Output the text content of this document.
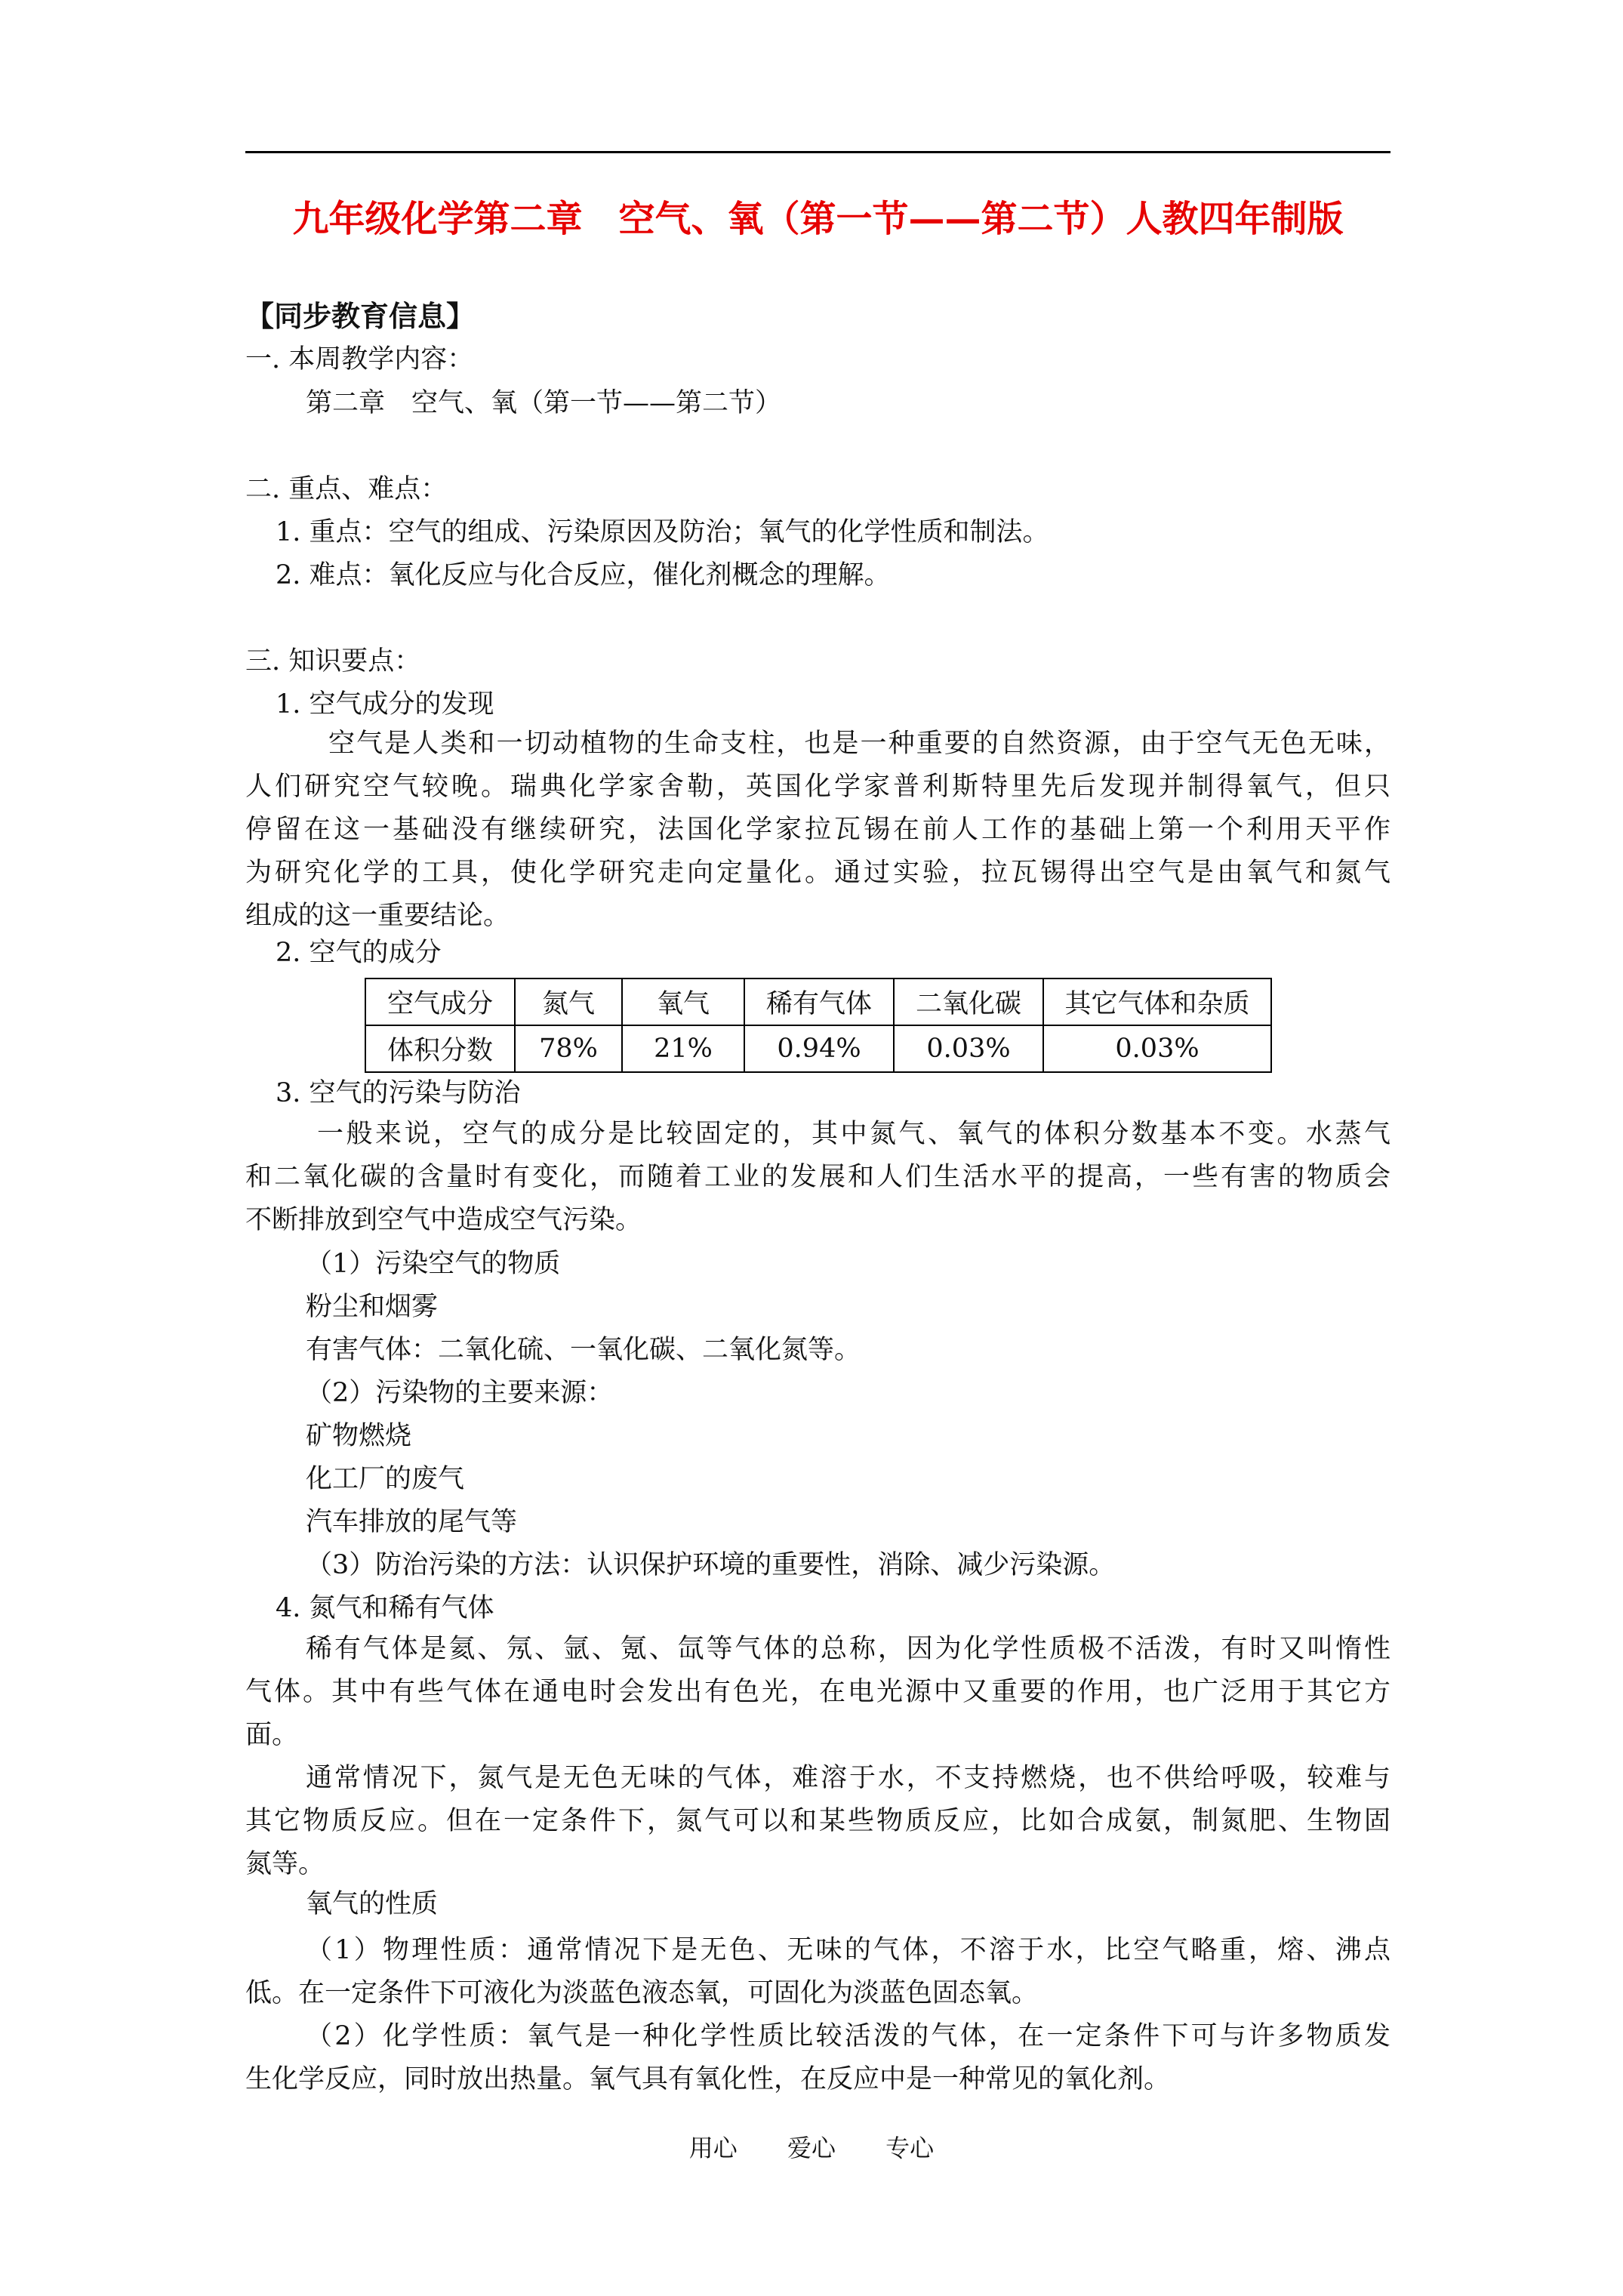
九年级化学第二章　空气、氧（第一节——第二节）人教四年制版
【同步教育信息】
一. 本周教学内容：
第二章　空气、氧（第一节——第二节）
二. 重点、难点：
1. 重点：空气的组成、污染原因及防治；氧气的化学性质和制法。
2. 难点：氧化反应与化合反应，催化剂概念的理解。
三. 知识要点：
1. 空气成分的发现
空气是人类和一切动植物的生命支柱，也是一种重要的自然资源，由于空气无色无味，
人们研究空气较晚。瑞典化学家舍勒，英国化学家普利斯特里先后发现并制得氧气，但只
停留在这一基础没有继续研究，法国化学家拉瓦锡在前人工作的基础上第一个利用天平作
为研究化学的工具，使化学研究走向定量化。通过实验，拉瓦锡得出空气是由氧气和氮气
组成的这一重要结论。
2. 空气的成分
空气成分	氮气	氧气	稀有气体	二氧化碳	其它气体和杂质
体积分数	78%	21%	0.94%	0.03%	0.03%
3. 空气的污染与防治
一般来说，空气的成分是比较固定的，其中氮气、氧气的体积分数基本不变。水蒸气
和二氧化碳的含量时有变化，而随着工业的发展和人们生活水平的提高，一些有害的物质会
不断排放到空气中造成空气污染。
（1）污染空气的物质
粉尘和烟雾
有害气体：二氧化硫、一氧化碳、二氧化氮等。
（2）污染物的主要来源：
矿物燃烧
化工厂的废气
汽车排放的尾气等
（3）防治污染的方法：认识保护环境的重要性，消除、减少污染源。
4. 氮气和稀有气体
稀有气体是氦、氖、氩、氪、氙等气体的总称，因为化学性质极不活泼，有时又叫惰性
气体。其中有些气体在通电时会发出有色光，在电光源中又重要的作用，也广泛用于其它方
面。
通常情况下，氮气是无色无味的气体，难溶于水，不支持燃烧，也不供给呼吸，较难与
其它物质反应。但在一定条件下，氮气可以和某些物质反应，比如合成氨，制氮肥、生物固
氮等。
氧气的性质
（1）物理性质：通常情况下是无色、无味的气体，不溶于水，比空气略重，熔、沸点
低。在一定条件下可液化为淡蓝色液态氧，可固化为淡蓝色固态氧。
（2）化学性质：氧气是一种化学性质比较活泼的气体，在一定条件下可与许多物质发
生化学反应，同时放出热量。氧气具有氧化性，在反应中是一种常见的氧化剂。
用心 爱心 专心
